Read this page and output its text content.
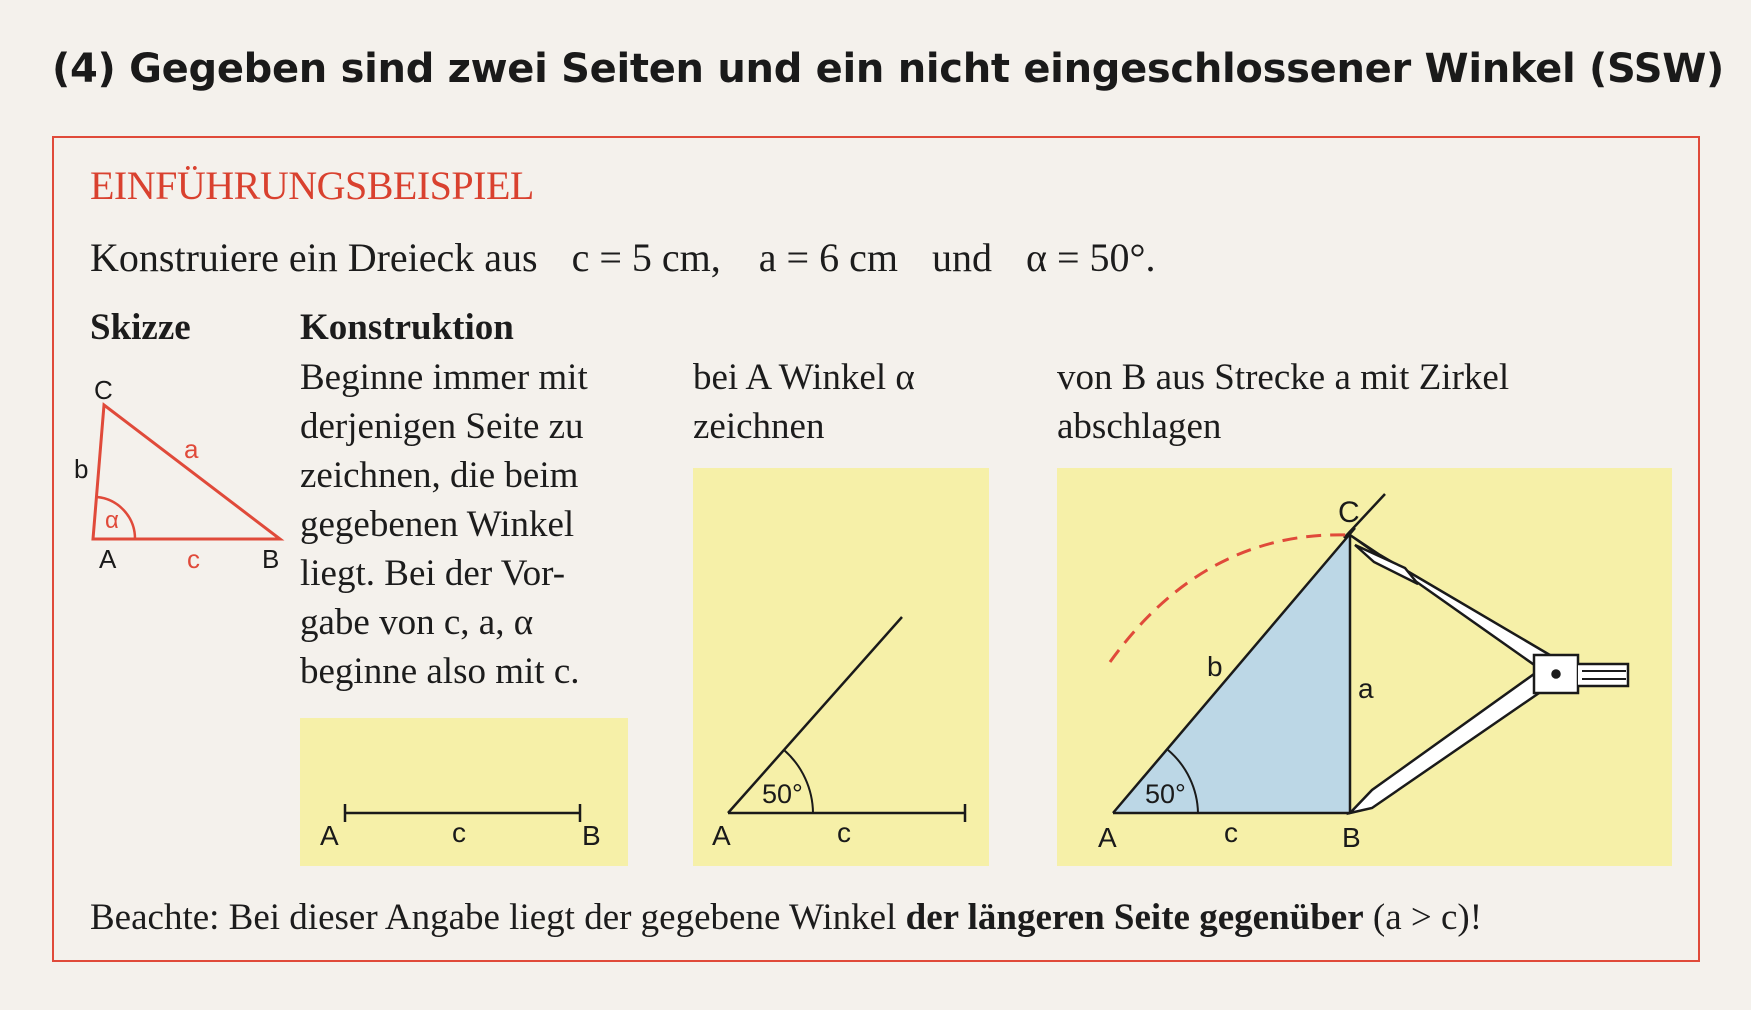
(4) Gegeben sind zwei Seiten und ein nicht eingeschlossener Winkel (SSW)
EINFÜHRUNGSBEISPIEL
Konstruiere ein Dreieck aus c = 5 cm, a = 6 cm und α = 50°.
Skizze	Konstruktion
C
a
b
α
A	c B
Beginne immer mit
derjenigen Seite zu
zeichnen, die beim
gegebenen Winkel
liegt. Bei der Vor-
gabe von c, a, α
beginne also mit c.
bei A Winkel α
zeichnen
von B aus Strecke a mit Zirkel
abschlagen
A	c	B
50°
A	c
C
b
a
50°
A	c	B
Beachte: Bei dieser Angabe liegt der gegebene Winkel der längeren Seite gegenüber (a > c)!
